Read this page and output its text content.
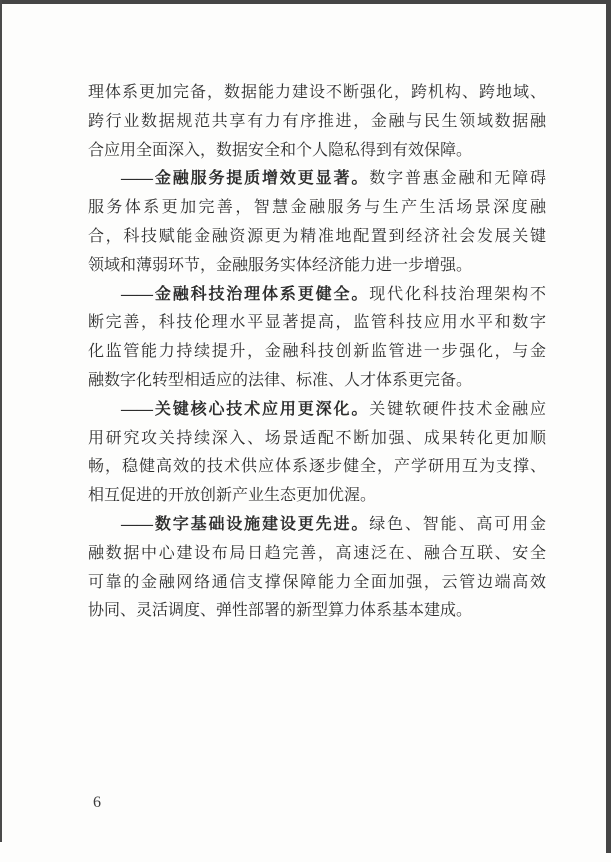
理体系更加完备，数据能力建设不断强化，跨机构、跨地域、
跨行业数据规范共享有力有序推进，金融与民生领域数据融
合应用全面深入，数据安全和个人隐私得到有效保障。
——金融服务提质增效更显著。数字普惠金融和无障碍
服务体系更加完善，智慧金融服务与生产生活场景深度融
合，科技赋能金融资源更为精准地配置到经济社会发展关键
领域和薄弱环节，金融服务实体经济能力进一步增强。
——金融科技治理体系更健全。现代化科技治理架构不
断完善，科技伦理水平显著提高，监管科技应用水平和数字
化监管能力持续提升，金融科技创新监管进一步强化，与金
融数字化转型相适应的法律、标准、人才体系更完备。
——关键核心技术应用更深化。关键软硬件技术金融应
用研究攻关持续深入、场景适配不断加强、成果转化更加顺
畅，稳健高效的技术供应体系逐步健全，产学研用互为支撑、
相互促进的开放创新产业生态更加优渥。
——数字基础设施建设更先进。绿色、智能、高可用金
融数据中心建设布局日趋完善，高速泛在、融合互联、安全
可靠的金融网络通信支撑保障能力全面加强，云管边端高效
协同、灵活调度、弹性部署的新型算力体系基本建成。
6
